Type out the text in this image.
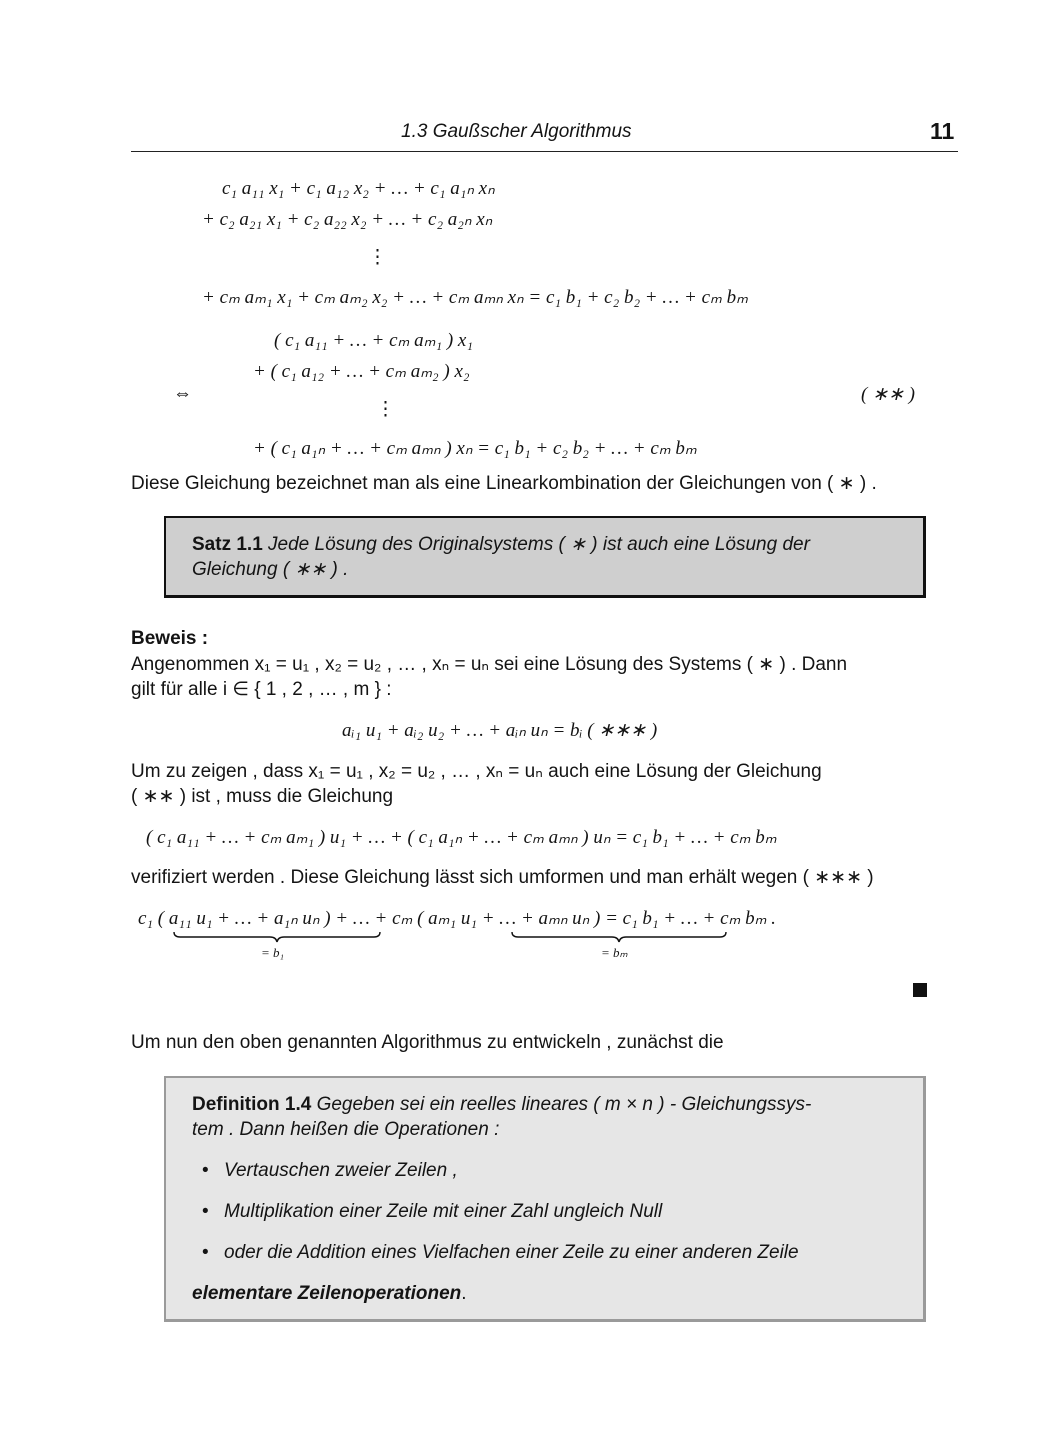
1.3 Gaußscher Algorithmus	11
c₁ a₁₁ x₁ + c₁ a₁₂ x₂ + … + c₁ a₁ₙ xₙ
+ c₂ a₂₁ x₁ + c₂ a₂₂ x₂ + … + c₂ a₂ₙ xₙ
⋮
+ cₘ aₘ₁ x₁ + cₘ aₘ₂ x₂ + … + cₘ aₘₙ xₙ = c₁ b₁ + c₂ b₂ + … + cₘ bₘ
( c₁ a₁₁ + … + cₘ aₘ₁ ) x₁
+ ( c₁ a₁₂ + … + cₘ aₘ₂ ) x₂
⇔	( ∗∗ )
⋮
+ ( c₁ a₁ₙ + … + cₘ aₘₙ ) xₙ = c₁ b₁ + c₂ b₂ + … + cₘ bₘ
Diese Gleichung bezeichnet man als eine Linearkombination der Gleichungen von ( ∗ ) .
Satz 1.1 Jede Lösung des Originalsystems ( ∗ ) ist auch eine Lösung der
Gleichung ( ∗∗ ) .
Beweis :
Angenommen x₁ = u₁ , x₂ = u₂ , … , xₙ = uₙ sei eine Lösung des Systems ( ∗ ) . Dann
gilt für alle i ∈ { 1 , 2 , … , m } :
aᵢ₁ u₁ + aᵢ₂ u₂ + … + aᵢₙ uₙ = bᵢ ( ∗∗∗ )
Um zu zeigen , dass x₁ = u₁ , x₂ = u₂ , … , xₙ = uₙ auch eine Lösung der Gleichung
( ∗∗ ) ist , muss die Gleichung
( c₁ a₁₁ + … + cₘ aₘ₁ ) u₁ + … + ( c₁ a₁ₙ + … + cₘ aₘₙ ) uₙ = c₁ b₁ + … + cₘ bₘ
verifiziert werden . Diese Gleichung lässt sich umformen und man erhält wegen ( ∗∗∗ )
c₁ ( a₁₁ u₁ + … + a₁ₙ uₙ ) + … + cₘ ( aₘ₁ u₁ + … + aₘₙ uₙ ) = c₁ b₁ + … + cₘ bₘ .
= b₁	= bₘ
Um nun den oben genannten Algorithmus zu entwickeln , zunächst die
Definition 1.4 Gegeben sei ein reelles lineares ( m × n ) - Gleichungssys-
tem . Dann heißen die Operationen :
• Vertauschen zweier Zeilen ,
• Multiplikation einer Zeile mit einer Zahl ungleich Null
• oder die Addition eines Vielfachen einer Zeile zu einer anderen Zeile
elementare Zeilenoperationen.
